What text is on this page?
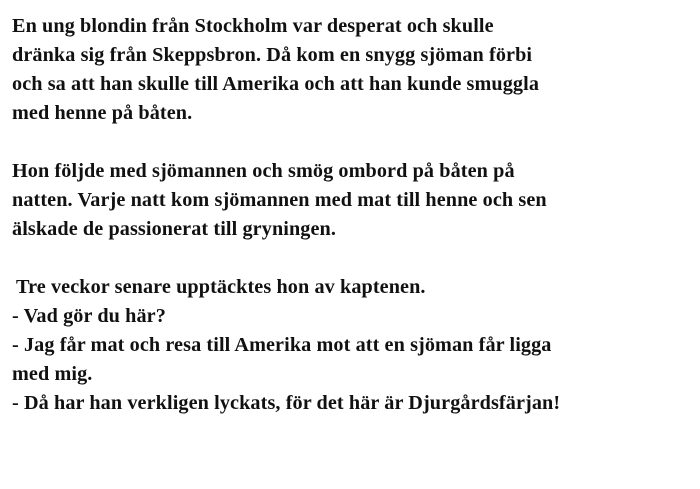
En ung blondin från Stockholm var desperat och skulle
dränka sig från Skeppsbron. Då kom en snygg sjöman förbi
och sa att han skulle till Amerika och att han kunde smuggla
med henne på båten.

Hon följde med sjömannen och smög ombord på båten på
natten. Varje natt kom sjömannen med mat till henne och sen
älskade de passionerat till gryningen.

Tre veckor senare upptäcktes hon av kaptenen.
- Vad gör du här?
- Jag får mat och resa till Amerika mot att en sjöman får ligga
med mig.
- Då har han verkligen lyckats, för det här är Djurgårdsfärjan!
